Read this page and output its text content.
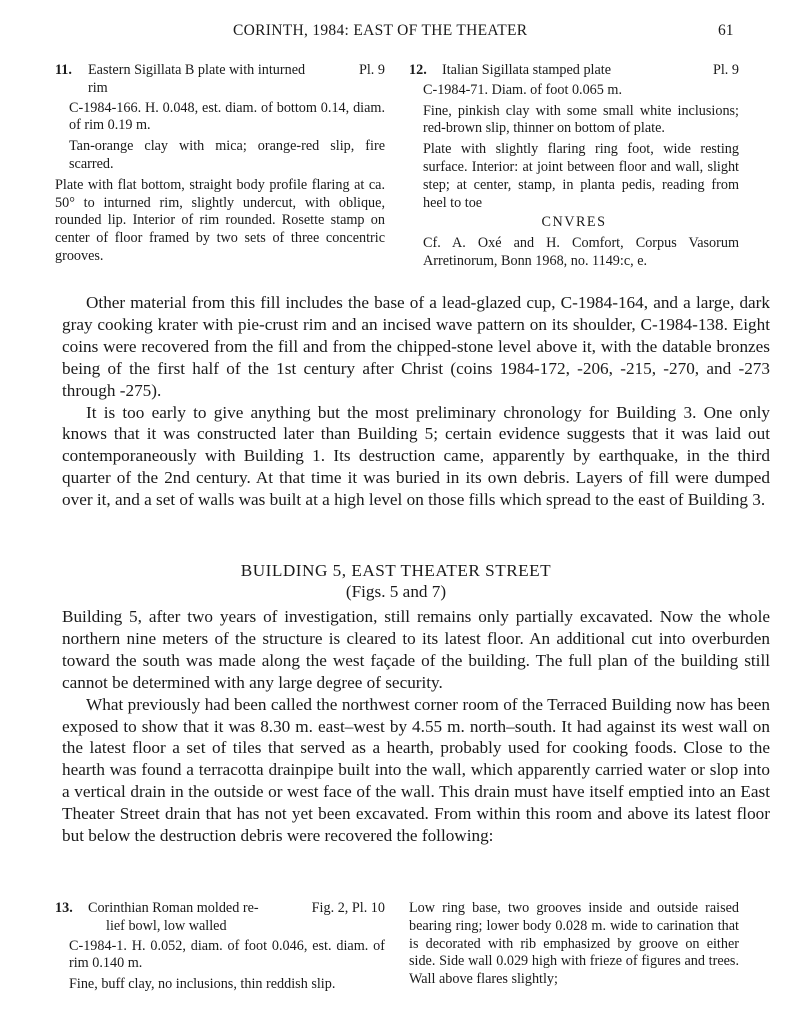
CORINTH, 1984: EAST OF THE THEATER	61
11.	Pl. 9
Eastern Sigillata B plate with inturned
rim

C-1984-166. H. 0.048, est. diam. of bottom 0.14, diam. of rim 0.19 m.

Tan-orange clay with mica; orange-red slip, fire scarred.

Plate with flat bottom, straight body profile flaring at ca. 50° to inturned rim, slightly undercut, with oblique, rounded lip. Interior of rim rounded. Rosette stamp on center of floor framed by two sets of three concentric grooves.

12.	Pl. 9
Italian Sigillata stamped plate

C-1984-71. Diam. of foot 0.065 m.

Fine, pinkish clay with some small white inclusions; red-brown slip, thinner on bottom of plate.

Plate with slightly flaring ring foot, wide resting surface. Interior: at joint between floor and wall, slight step; at center, stamp, in planta pedis, reading from heel to toe

CNVRES

Cf. A. Oxé and H. Comfort, Corpus Vasorum Arretinorum, Bonn 1968, no. 1149:c, e.

Other material from this fill includes the base of a lead-glazed cup, C-1984-164, and a large, dark gray cooking krater with pie-crust rim and an incised wave pattern on its shoulder, C-1984-138. Eight coins were recovered from the fill and from the chipped-stone level above it, with the datable bronzes being of the first half of the 1st century after Christ (coins 1984-172, -206, -215, -270, and -273 through -275).

It is too early to give anything but the most preliminary chronology for Building 3. One only knows that it was constructed later than Building 5; certain evidence suggests that it was laid out contemporaneously with Building 1. Its destruction came, apparently by earthquake, in the third quarter of the 2nd century. At that time it was buried in its own debris. Layers of fill were dumped over it, and a set of walls was built at a high level on those fills which spread to the east of Building 3.

BUILDING 5, EAST THEATER STREET
(Figs. 5 and 7)

Building 5, after two years of investigation, still remains only partially excavated. Now the whole northern nine meters of the structure is cleared to its latest floor. An additional cut into overburden toward the south was made along the west façade of the building. The full plan of the building still cannot be determined with any large degree of security.

What previously had been called the northwest corner room of the Terraced Building now has been exposed to show that it was 8.30 m. east–west by 4.55 m. north–south. It had against its west wall on the latest floor a set of tiles that served as a hearth, probably used for cooking foods. Close to the hearth was found a terracotta drainpipe built into the wall, which apparently carried water or slop into a vertical drain in the outside or west face of the wall. This drain must have itself emptied into an East Theater Street drain that has not yet been excavated. From within this room and above its latest floor but below the destruction debris were recovered the following:

13.	Fig. 2, Pl. 10
Corinthian Roman molded re-
lief bowl, low walled

C-1984-1. H. 0.052, diam. of foot 0.046, est. diam. of rim 0.140 m.

Fine, buff clay, no inclusions, thin reddish slip.

Low ring base, two grooves inside and outside raised bearing ring; lower body 0.028 m. wide to carination that is decorated with rib emphasized by groove on either side. Side wall 0.029 high with frieze of figures and trees. Wall above flares slightly;
